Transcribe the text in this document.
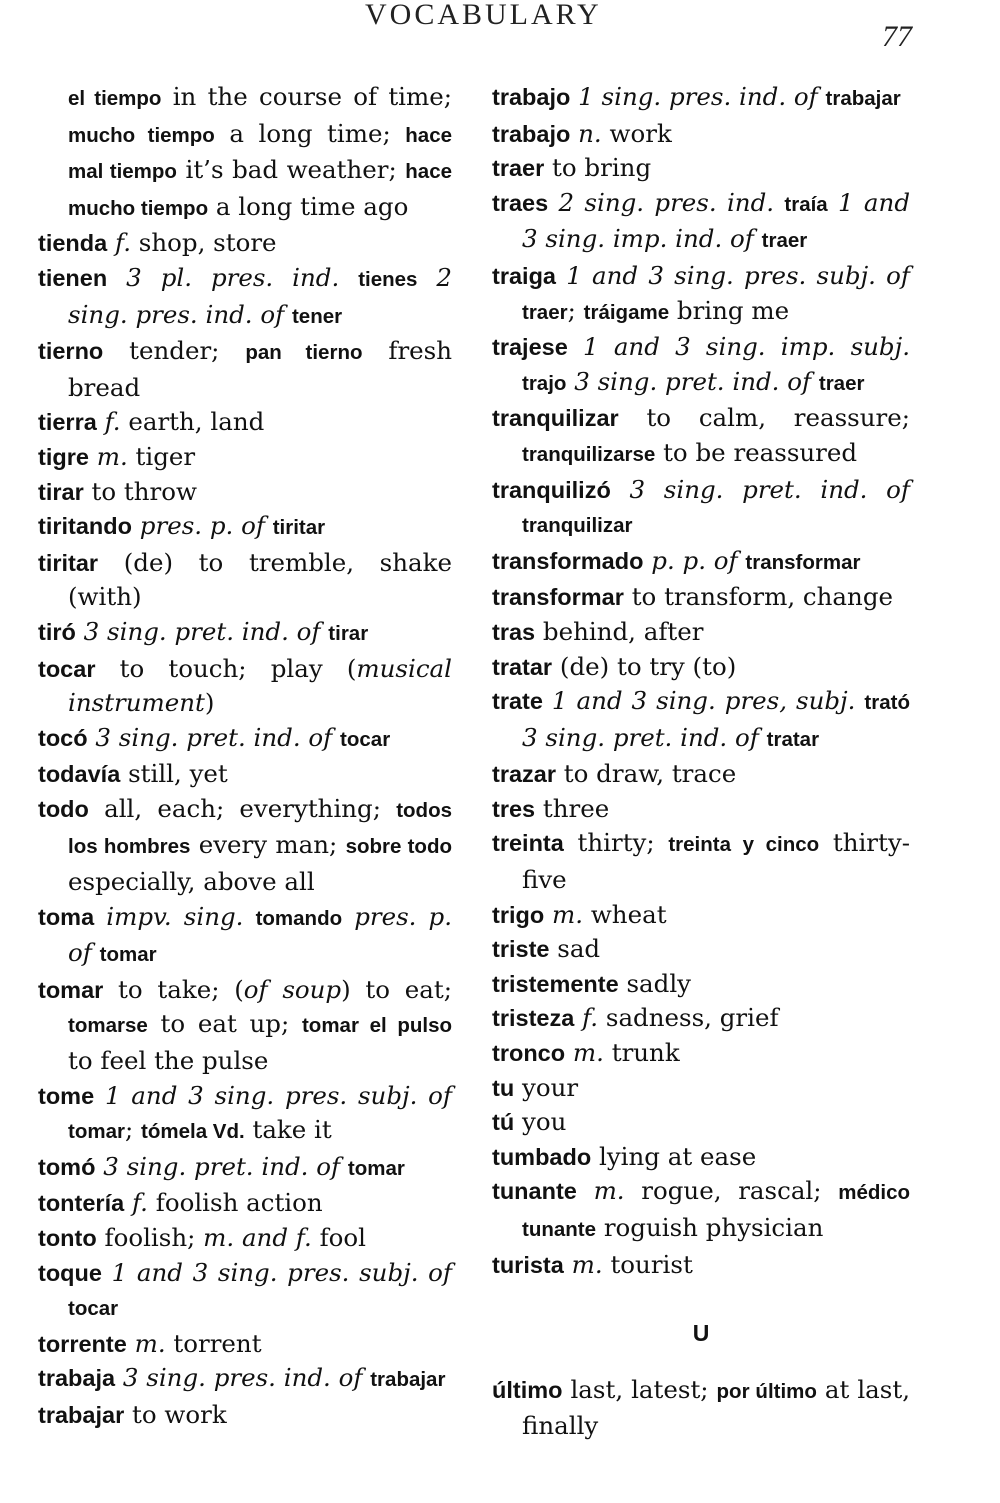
VOCABULARY
77

el tiempo in the course of time; mucho tiempo a long time; hace mal tiempo it’s bad weather; hace mucho tiempo a long time ago

tienda f. shop, store

tienen 3 pl. pres. ind. tienes 2 sing. pres. ind. of tener

tierno tender; pan tierno fresh bread

tierra f. earth, land

tigre m. tiger

tirar to throw

tiritando pres. p. of tiritar

tiritar (de) to tremble, shake (with)

tiró 3 sing. pret. ind. of tirar

tocar to touch; play (musical instrument)

tocó 3 sing. pret. ind. of tocar

todavía still, yet

todo all, each; everything; todos los hombres every man; sobre todo especially, above all

toma impv. sing. tomando pres. p. of tomar

tomar to take; (of soup) to eat; tomarse to eat up; tomar el pulso to feel the pulse

tome 1 and 3 sing. pres. subj. of tomar; tómela Vd. take it

tomó 3 sing. pret. ind. of tomar

tontería f. foolish action

tonto foolish; m. and f. fool

toque 1 and 3 sing. pres. subj. of tocar

torrente m. torrent

trabaja 3 sing. pres. ind. of trabajar

trabajar to work

trabajo 1 sing. pres. ind. of trabajar

trabajo n. work

traer to bring

traes 2 sing. pres. ind. traía 1 and 3 sing. imp. ind. of traer

traiga 1 and 3 sing. pres. subj. of traer; tráigame bring me

trajese 1 and 3 sing. imp. subj. trajo 3 sing. pret. ind. of traer

tranquilizar to calm, reassure; tranquilizarse to be reassured

tranquilizó 3 sing. pret. ind. of tranquilizar

transformado p. p. of transformar

transformar to transform, change

tras behind, after

tratar (de) to try (to)

trate 1 and 3 sing. pres, subj. trató 3 sing. pret. ind. of tratar

trazar to draw, trace

tres three

treinta thirty; treinta y cinco thirty-five

trigo m. wheat

triste sad

tristemente sadly

tristeza f. sadness, grief

tronco m. trunk

tu your

tú you

tumbado lying at ease

tunante m. rogue, rascal; médico tunante roguish physician

turista m. tourist

U

último last, latest; por último at last, finally
